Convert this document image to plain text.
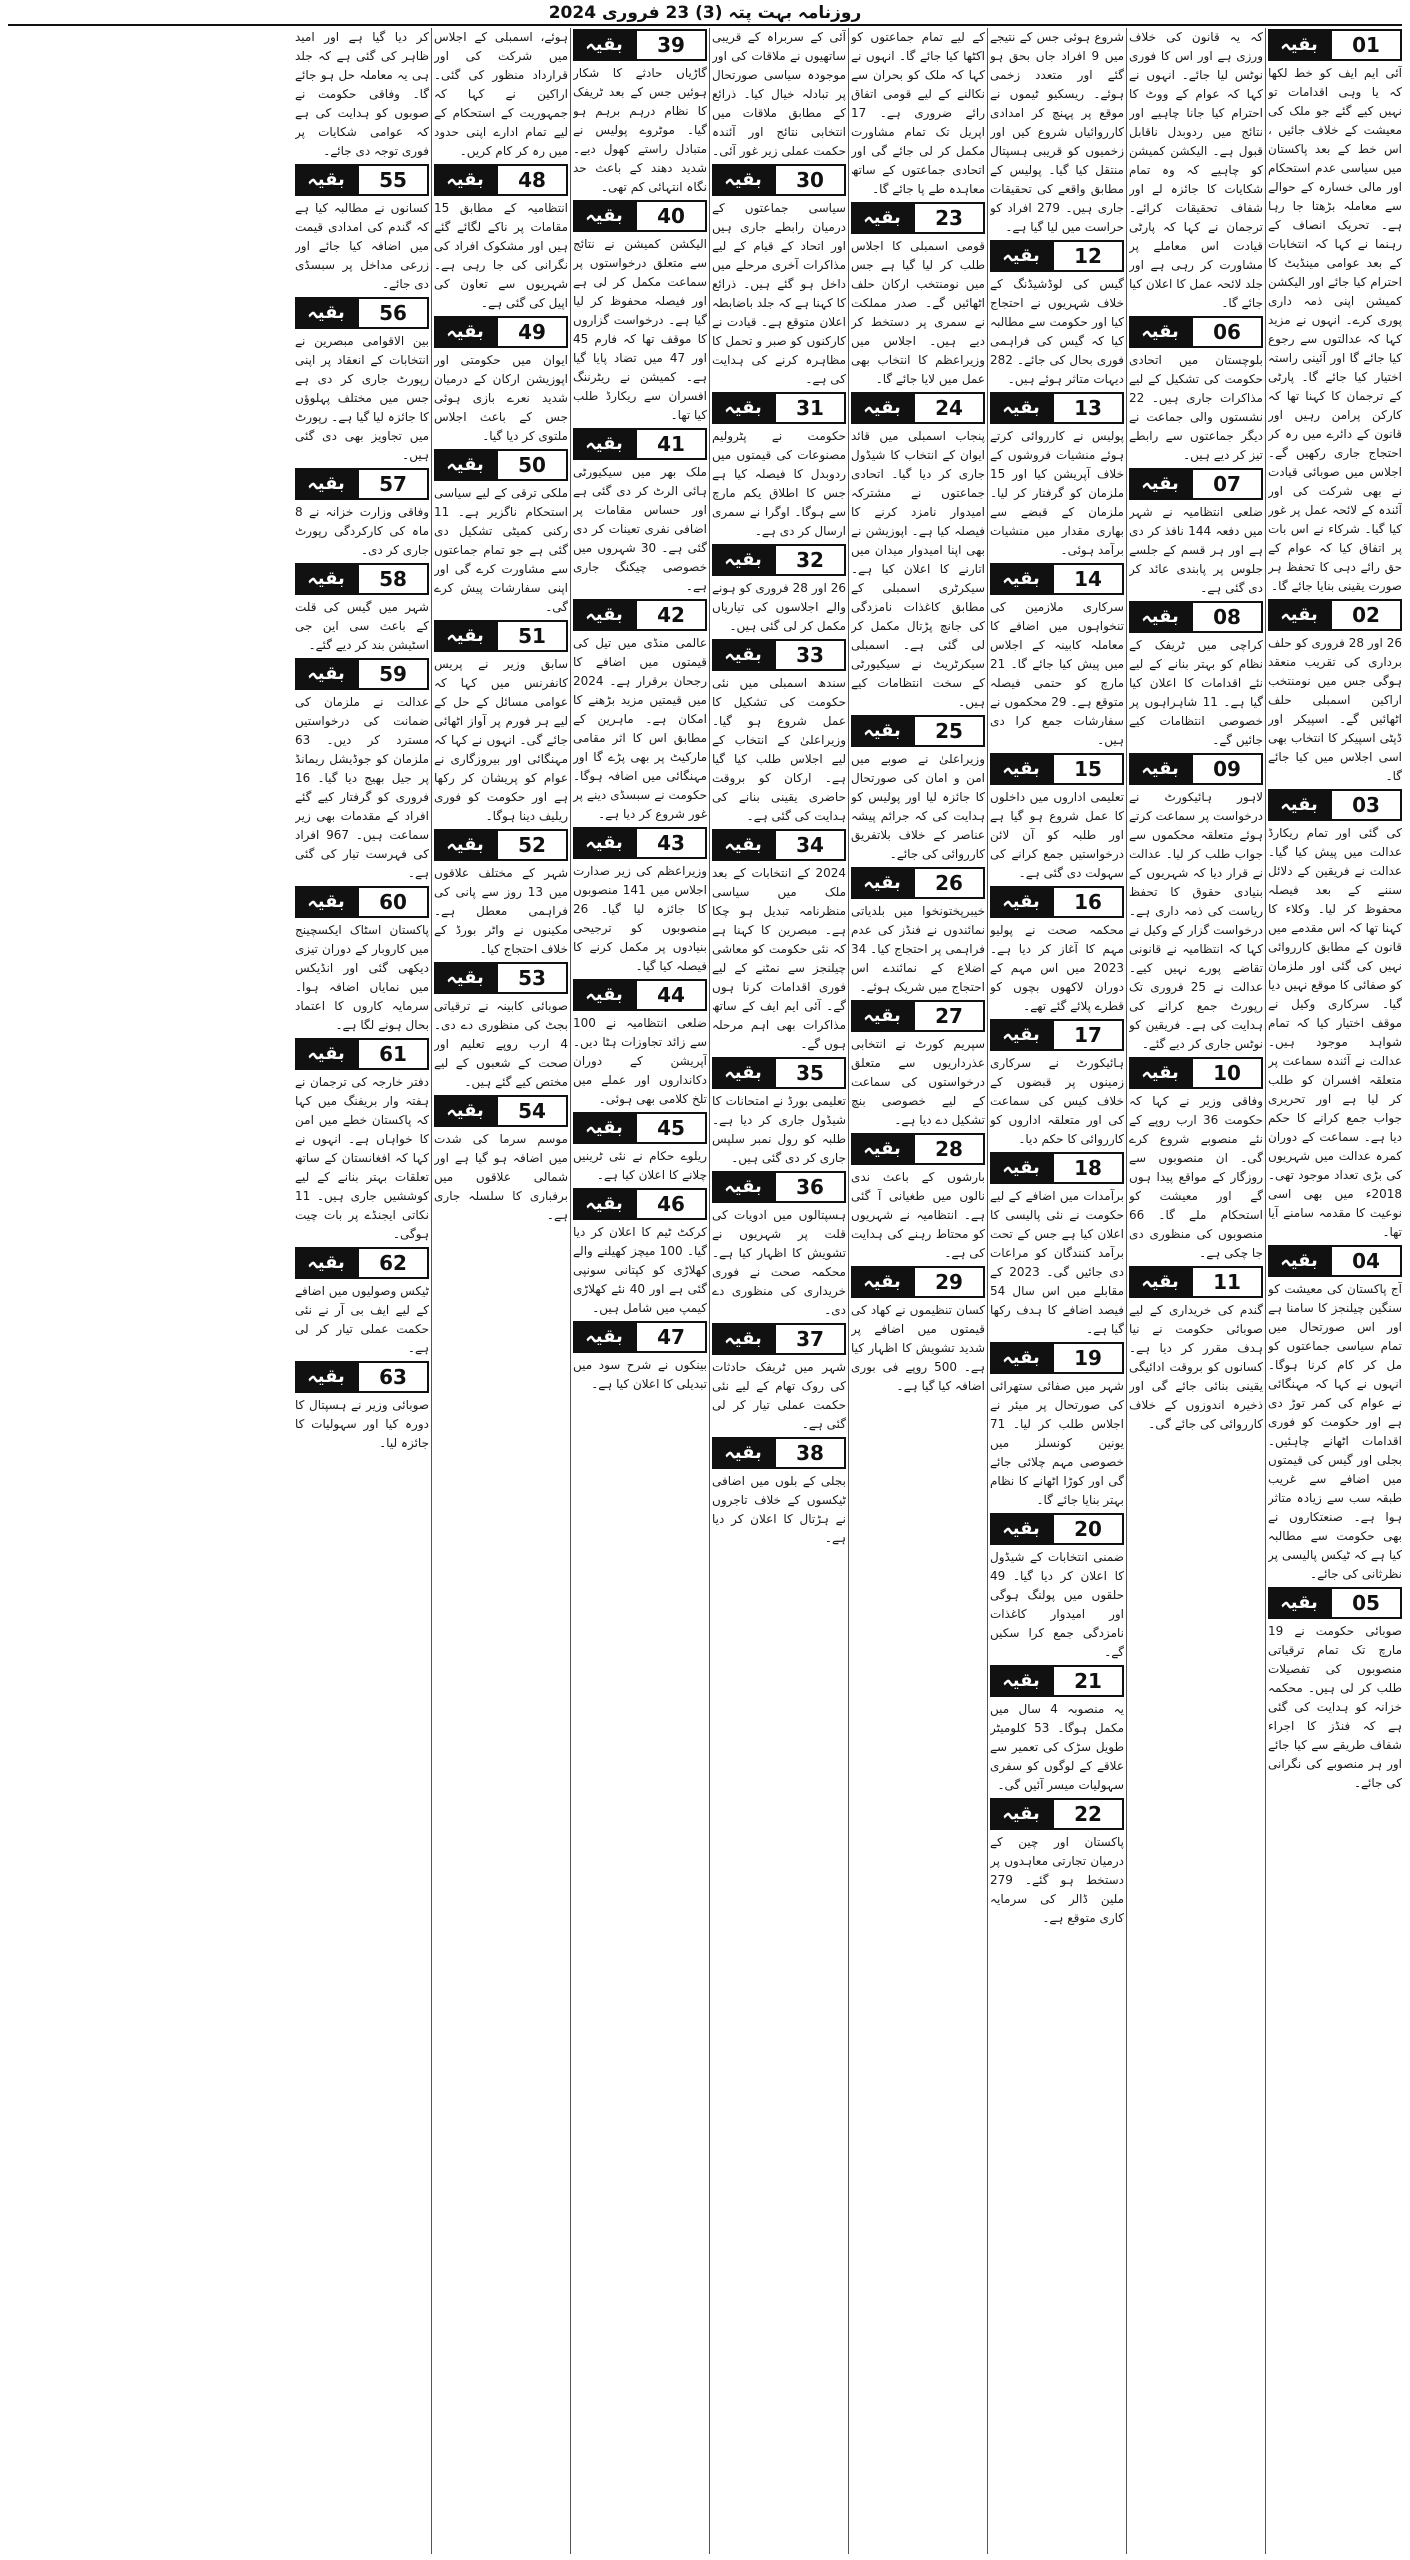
روزنامہ بہت پتہ (3) 23 فروری 2024
01
بقیہ

آئی ایم ایف کو خط لکھا کہ یا وہی اقدامات تو نہیں کیے گئے جو ملک کی معیشت کے خلاف جائیں ، اس خط کے بعد پاکستان میں سیاسی عدم استحکام اور مالی خسارہ کے حوالے سے معاملہ بڑھتا جا رہا ہے۔ تحریک انصاف کے رہنما نے کہا کہ انتخابات کے بعد عوامی مینڈیٹ کا احترام کیا جائے اور الیکشن کمیشن اپنی ذمہ داری پوری کرے۔ انہوں نے مزید کہا کہ عدالتوں سے رجوع کیا جائے گا اور آئینی راستہ اختیار کیا جائے گا۔ پارٹی کے ترجمان کا کہنا تھا کہ کارکن پرامن رہیں اور قانون کے دائرے میں رہ کر احتجاج جاری رکھیں گے۔ اجلاس میں صوبائی قیادت نے بھی شرکت کی اور آئندہ کے لائحہ عمل پر غور کیا گیا۔ شرکاء نے اس بات پر اتفاق کیا کہ عوام کے حق رائے دہی کا تحفظ ہر صورت یقینی بنایا جائے گا۔

02
بقیہ

26 اور 28 فروری کو حلف برداری کی تقریب منعقد ہوگی جس میں نومنتخب اراکین اسمبلی حلف اٹھائیں گے۔ اسپیکر اور ڈپٹی اسپیکر کا انتخاب بھی اسی اجلاس میں کیا جائے گا۔

03
بقیہ

کی گئی اور تمام ریکارڈ عدالت میں پیش کیا گیا۔ عدالت نے فریقین کے دلائل سننے کے بعد فیصلہ محفوظ کر لیا۔ وکلاء کا کہنا تھا کہ اس مقدمے میں قانون کے مطابق کارروائی نہیں کی گئی اور ملزمان کو صفائی کا موقع نہیں دیا گیا۔ سرکاری وکیل نے موقف اختیار کیا کہ تمام شواہد موجود ہیں۔ عدالت نے آئندہ سماعت پر متعلقہ افسران کو طلب کر لیا ہے اور تحریری جواب جمع کرانے کا حکم دیا ہے۔ سماعت کے دوران کمرہ عدالت میں شہریوں کی بڑی تعداد موجود تھی۔ 2018ء میں بھی اسی نوعیت کا مقدمہ سامنے آیا تھا۔

04
بقیہ

آج پاکستان کی معیشت کو سنگین چیلنجز کا سامنا ہے اور اس صورتحال میں تمام سیاسی جماعتوں کو مل کر کام کرنا ہوگا۔ انہوں نے کہا کہ مہنگائی نے عوام کی کمر توڑ دی ہے اور حکومت کو فوری اقدامات اٹھانے چاہئیں۔ بجلی اور گیس کی قیمتوں میں اضافے سے غریب طبقہ سب سے زیادہ متاثر ہوا ہے۔ صنعتکاروں نے بھی حکومت سے مطالبہ کیا ہے کہ ٹیکس پالیسی پر نظرثانی کی جائے۔

05
بقیہ

صوبائی حکومت نے 19 مارچ تک تمام ترقیاتی منصوبوں کی تفصیلات طلب کر لی ہیں۔ محکمہ خزانہ کو ہدایت کی گئی ہے کہ فنڈز کا اجراء شفاف طریقے سے کیا جائے اور ہر منصوبے کی نگرانی کی جائے۔

کہ یہ قانون کی خلاف ورزی ہے اور اس کا فوری نوٹس لیا جائے۔ انہوں نے کہا کہ عوام کے ووٹ کا احترام کیا جانا چاہیے اور نتائج میں ردوبدل ناقابل قبول ہے۔ الیکشن کمیشن کو چاہیے کہ وہ تمام شکایات کا جائزہ لے اور شفاف تحقیقات کرائے۔ ترجمان نے کہا کہ پارٹی قیادت اس معاملے پر مشاورت کر رہی ہے اور جلد لائحہ عمل کا اعلان کیا جائے گا۔

06
بقیہ

بلوچستان میں اتحادی حکومت کی تشکیل کے لیے مذاکرات جاری ہیں۔ 22 نشستوں والی جماعت نے دیگر جماعتوں سے رابطے تیز کر دیے ہیں۔

07
بقیہ

ضلعی انتظامیہ نے شہر میں دفعہ 144 نافذ کر دی ہے اور ہر قسم کے جلسے جلوس پر پابندی عائد کر دی گئی ہے۔

08
بقیہ

کراچی میں ٹریفک کے نظام کو بہتر بنانے کے لیے نئے اقدامات کا اعلان کیا گیا ہے۔ 11 شاہراہوں پر خصوصی انتظامات کیے جائیں گے۔

09
بقیہ

لاہور ہائیکورٹ نے درخواست پر سماعت کرتے ہوئے متعلقہ محکموں سے جواب طلب کر لیا۔ عدالت نے قرار دیا کہ شہریوں کے بنیادی حقوق کا تحفظ ریاست کی ذمہ داری ہے۔ درخواست گزار کے وکیل نے کہا کہ انتظامیہ نے قانونی تقاضے پورے نہیں کیے۔ عدالت نے 25 فروری تک رپورٹ جمع کرانے کی ہدایت کی ہے۔ فریقین کو نوٹس جاری کر دیے گئے۔

10
بقیہ

وفاقی وزیر نے کہا کہ حکومت 36 ارب روپے کے نئے منصوبے شروع کرے گی۔ ان منصوبوں سے روزگار کے مواقع پیدا ہوں گے اور معیشت کو استحکام ملے گا۔ 66 منصوبوں کی منظوری دی جا چکی ہے۔

11
بقیہ

گندم کی خریداری کے لیے صوبائی حکومت نے نیا ہدف مقرر کر دیا ہے۔ کسانوں کو بروقت ادائیگی یقینی بنائی جائے گی اور ذخیرہ اندوزوں کے خلاف کارروائی کی جائے گی۔

شروع ہوئی جس کے نتیجے میں 9 افراد جاں بحق ہو گئے اور متعدد زخمی ہوئے۔ ریسکیو ٹیموں نے موقع پر پہنچ کر امدادی کارروائیاں شروع کیں اور زخمیوں کو قریبی ہسپتال منتقل کیا گیا۔ پولیس کے مطابق واقعے کی تحقیقات جاری ہیں۔ 279 افراد کو حراست میں لیا گیا ہے۔

12
بقیہ

گیس کی لوڈشیڈنگ کے خلاف شہریوں نے احتجاج کیا اور حکومت سے مطالبہ کیا کہ گیس کی فراہمی فوری بحال کی جائے۔ 282 دیہات متاثر ہوئے ہیں۔

13
بقیہ

پولیس نے کارروائی کرتے ہوئے منشیات فروشوں کے خلاف آپریشن کیا اور 15 ملزمان کو گرفتار کر لیا۔ ملزمان کے قبضے سے بھاری مقدار میں منشیات برآمد ہوئی۔

14
بقیہ

سرکاری ملازمین کی تنخواہوں میں اضافے کا معاملہ کابینہ کے اجلاس میں پیش کیا جائے گا۔ 21 مارچ کو حتمی فیصلہ متوقع ہے۔ 29 محکموں نے سفارشات جمع کرا دی ہیں۔

15
بقیہ

تعلیمی اداروں میں داخلوں کا عمل شروع ہو گیا ہے اور طلبہ کو آن لائن درخواستیں جمع کرانے کی سہولت دی گئی ہے۔

16
بقیہ

محکمہ صحت نے پولیو مہم کا آغاز کر دیا ہے۔ 2023 میں اس مہم کے دوران لاکھوں بچوں کو قطرے پلائے گئے تھے۔

17
بقیہ

ہائیکورٹ نے سرکاری زمینوں پر قبضوں کے خلاف کیس کی سماعت کی اور متعلقہ اداروں کو کارروائی کا حکم دیا۔

18
بقیہ

برآمدات میں اضافے کے لیے حکومت نے نئی پالیسی کا اعلان کیا ہے جس کے تحت برآمد کنندگان کو مراعات دی جائیں گی۔ 2023 کے مقابلے میں اس سال 54 فیصد اضافے کا ہدف رکھا گیا ہے۔

19
بقیہ

شہر میں صفائی ستھرائی کی صورتحال پر میئر نے اجلاس طلب کر لیا۔ 71 یونین کونسلز میں خصوصی مہم چلائی جائے گی اور کوڑا اٹھانے کا نظام بہتر بنایا جائے گا۔

20
بقیہ

ضمنی انتخابات کے شیڈول کا اعلان کر دیا گیا۔ 49 حلقوں میں پولنگ ہوگی اور امیدوار کاغذات نامزدگی جمع کرا سکیں گے۔

21
بقیہ

یہ منصوبہ 4 سال میں مکمل ہوگا۔ 53 کلومیٹر طویل سڑک کی تعمیر سے علاقے کے لوگوں کو سفری سہولیات میسر آئیں گی۔

22
بقیہ

پاکستان اور چین کے درمیان تجارتی معاہدوں پر دستخط ہو گئے۔ 279 ملین ڈالر کی سرمایہ کاری متوقع ہے۔

کے لیے تمام جماعتوں کو اکٹھا کیا جائے گا۔ انہوں نے کہا کہ ملک کو بحران سے نکالنے کے لیے قومی اتفاق رائے ضروری ہے۔ 17 اپریل تک تمام مشاورت مکمل کر لی جائے گی اور اتحادی جماعتوں کے ساتھ معاہدہ طے پا جائے گا۔

23
بقیہ

قومی اسمبلی کا اجلاس طلب کر لیا گیا ہے جس میں نومنتخب ارکان حلف اٹھائیں گے۔ صدر مملکت نے سمری پر دستخط کر دیے ہیں۔ اجلاس میں وزیراعظم کا انتخاب بھی عمل میں لایا جائے گا۔

24
بقیہ

پنجاب اسمبلی میں قائد ایوان کے انتخاب کا شیڈول جاری کر دیا گیا۔ اتحادی جماعتوں نے مشترکہ امیدوار نامزد کرنے کا فیصلہ کیا ہے۔ اپوزیشن نے بھی اپنا امیدوار میدان میں اتارنے کا اعلان کیا ہے۔ سیکرٹری اسمبلی کے مطابق کاغذات نامزدگی کی جانچ پڑتال مکمل کر لی گئی ہے۔ اسمبلی سیکرٹریٹ نے سیکیورٹی کے سخت انتظامات کیے ہیں۔

25
بقیہ

وزیراعلیٰ نے صوبے میں امن و امان کی صورتحال کا جائزہ لیا اور پولیس کو ہدایت کی کہ جرائم پیشہ عناصر کے خلاف بلاتفریق کارروائی کی جائے۔

26
بقیہ

خیبرپختونخوا میں بلدیاتی نمائندوں نے فنڈز کی عدم فراہمی پر احتجاج کیا۔ 34 اضلاع کے نمائندے اس احتجاج میں شریک ہوئے۔

27
بقیہ

سپریم کورٹ نے انتخابی عذرداریوں سے متعلق درخواستوں کی سماعت کے لیے خصوصی بنچ تشکیل دے دیا ہے۔

28
بقیہ

بارشوں کے باعث ندی نالوں میں طغیانی آ گئی ہے۔ انتظامیہ نے شہریوں کو محتاط رہنے کی ہدایت کی ہے۔

29
بقیہ

کسان تنظیموں نے کھاد کی قیمتوں میں اضافے پر شدید تشویش کا اظہار کیا ہے۔ 500 روپے فی بوری اضافہ کیا گیا ہے۔

آئی کے سربراہ کے قریبی ساتھیوں نے ملاقات کی اور موجودہ سیاسی صورتحال پر تبادلہ خیال کیا۔ ذرائع کے مطابق ملاقات میں انتخابی نتائج اور آئندہ حکمت عملی زیر غور آئی۔

30
بقیہ

سیاسی جماعتوں کے درمیان رابطے جاری ہیں اور اتحاد کے قیام کے لیے مذاکرات آخری مرحلے میں داخل ہو گئے ہیں۔ ذرائع کا کہنا ہے کہ جلد باضابطہ اعلان متوقع ہے۔ قیادت نے کارکنوں کو صبر و تحمل کا مظاہرہ کرنے کی ہدایت کی ہے۔

31
بقیہ

حکومت نے پٹرولیم مصنوعات کی قیمتوں میں ردوبدل کا فیصلہ کیا ہے جس کا اطلاق یکم مارچ سے ہوگا۔ اوگرا نے سمری ارسال کر دی ہے۔

32
بقیہ

26 اور 28 فروری کو ہونے والے اجلاسوں کی تیاریاں مکمل کر لی گئی ہیں۔

33
بقیہ

سندھ اسمبلی میں نئی حکومت کی تشکیل کا عمل شروع ہو گیا۔ وزیراعلیٰ کے انتخاب کے لیے اجلاس طلب کیا گیا ہے۔ ارکان کو بروقت حاضری یقینی بنانے کی ہدایت کی گئی ہے۔

34
بقیہ

2024 کے انتخابات کے بعد ملک میں سیاسی منظرنامہ تبدیل ہو چکا ہے۔ مبصرین کا کہنا ہے کہ نئی حکومت کو معاشی چیلنجز سے نمٹنے کے لیے فوری اقدامات کرنا ہوں گے۔ آئی ایم ایف کے ساتھ مذاکرات بھی اہم مرحلہ ہوں گے۔

35
بقیہ

تعلیمی بورڈ نے امتحانات کا شیڈول جاری کر دیا ہے۔ طلبہ کو رول نمبر سلپس جاری کر دی گئی ہیں۔

36
بقیہ

ہسپتالوں میں ادویات کی قلت پر شہریوں نے تشویش کا اظہار کیا ہے۔ محکمہ صحت نے فوری خریداری کی منظوری دے دی۔

37
بقیہ

شہر میں ٹریفک حادثات کی روک تھام کے لیے نئی حکمت عملی تیار کر لی گئی ہے۔

38
بقیہ

بجلی کے بلوں میں اضافی ٹیکسوں کے خلاف تاجروں نے ہڑتال کا اعلان کر دیا ہے۔

39
بقیہ

گاڑیاں حادثے کا شکار ہوئیں جس کے بعد ٹریفک کا نظام درہم برہم ہو گیا۔ موٹروے پولیس نے متبادل راستے کھول دیے۔ شدید دھند کے باعث حد نگاہ انتہائی کم تھی۔

40
بقیہ

الیکشن کمیشن نے نتائج سے متعلق درخواستوں پر سماعت مکمل کر لی ہے اور فیصلہ محفوظ کر لیا گیا ہے۔ درخواست گزاروں کا موقف تھا کہ فارم 45 اور 47 میں تضاد پایا گیا ہے۔ کمیشن نے ریٹرننگ افسران سے ریکارڈ طلب کیا تھا۔

41
بقیہ

ملک بھر میں سیکیورٹی ہائی الرٹ کر دی گئی ہے اور حساس مقامات پر اضافی نفری تعینات کر دی گئی ہے۔ 30 شہروں میں خصوصی چیکنگ جاری ہے۔

42
بقیہ

عالمی منڈی میں تیل کی قیمتوں میں اضافے کا رجحان برقرار ہے۔ 2024 میں قیمتیں مزید بڑھنے کا امکان ہے۔ ماہرین کے مطابق اس کا اثر مقامی مارکیٹ پر بھی پڑے گا اور مہنگائی میں اضافہ ہوگا۔ حکومت نے سبسڈی دینے پر غور شروع کر دیا ہے۔

43
بقیہ

وزیراعظم کی زیر صدارت اجلاس میں 141 منصوبوں کا جائزہ لیا گیا۔ 26 منصوبوں کو ترجیحی بنیادوں پر مکمل کرنے کا فیصلہ کیا گیا۔

44
بقیہ

ضلعی انتظامیہ نے 100 سے زائد تجاوزات ہٹا دیں۔ آپریشن کے دوران دکانداروں اور عملے میں تلخ کلامی بھی ہوئی۔

45
بقیہ

ریلوے حکام نے نئی ٹرینیں چلانے کا اعلان کیا ہے۔

46
بقیہ

کرکٹ ٹیم کا اعلان کر دیا گیا۔ 100 میچز کھیلنے والے کھلاڑی کو کپتانی سونپی گئی ہے اور 40 نئے کھلاڑی کیمپ میں شامل ہیں۔

47
بقیہ

بینکوں نے شرح سود میں تبدیلی کا اعلان کیا ہے۔

ہوئے، اسمبلی کے اجلاس میں شرکت کی اور قرارداد منظور کی گئی۔ اراکین نے کہا کہ جمہوریت کے استحکام کے لیے تمام ادارے اپنی حدود میں رہ کر کام کریں۔

48
بقیہ

انتظامیہ کے مطابق 15 مقامات پر ناکے لگائے گئے ہیں اور مشکوک افراد کی نگرانی کی جا رہی ہے۔ شہریوں سے تعاون کی اپیل کی گئی ہے۔

49
بقیہ

ایوان میں حکومتی اور اپوزیشن ارکان کے درمیان شدید نعرے بازی ہوئی جس کے باعث اجلاس ملتوی کر دیا گیا۔

50
بقیہ

ملکی ترقی کے لیے سیاسی استحکام ناگزیر ہے۔ 11 رکنی کمیٹی تشکیل دی گئی ہے جو تمام جماعتوں سے مشاورت کرے گی اور اپنی سفارشات پیش کرے گی۔

51
بقیہ

سابق وزیر نے پریس کانفرنس میں کہا کہ عوامی مسائل کے حل کے لیے ہر فورم پر آواز اٹھائی جائے گی۔ انہوں نے کہا کہ مہنگائی اور بیروزگاری نے عوام کو پریشان کر رکھا ہے اور حکومت کو فوری ریلیف دینا ہوگا۔

52
بقیہ

شہر کے مختلف علاقوں میں 13 روز سے پانی کی فراہمی معطل ہے۔ مکینوں نے واٹر بورڈ کے خلاف احتجاج کیا۔

53
بقیہ

صوبائی کابینہ نے ترقیاتی بجٹ کی منظوری دے دی۔ 4 ارب روپے تعلیم اور صحت کے شعبوں کے لیے مختص کیے گئے ہیں۔

54
بقیہ

موسم سرما کی شدت میں اضافہ ہو گیا ہے اور شمالی علاقوں میں برفباری کا سلسلہ جاری ہے۔

کر دیا گیا ہے اور امید ظاہر کی گئی ہے کہ جلد ہی یہ معاملہ حل ہو جائے گا۔ وفاقی حکومت نے صوبوں کو ہدایت کی ہے کہ عوامی شکایات پر فوری توجہ دی جائے۔

55
بقیہ

کسانوں نے مطالبہ کیا ہے کہ گندم کی امدادی قیمت میں اضافہ کیا جائے اور زرعی مداخل پر سبسڈی دی جائے۔

56
بقیہ

بین الاقوامی مبصرین نے انتخابات کے انعقاد پر اپنی رپورٹ جاری کر دی ہے جس میں مختلف پہلوؤں کا جائزہ لیا گیا ہے۔ رپورٹ میں تجاویز بھی دی گئی ہیں۔

57
بقیہ

وفاقی وزارت خزانہ نے 8 ماہ کی کارکردگی رپورٹ جاری کر دی۔

58
بقیہ

شہر میں گیس کی قلت کے باعث سی این جی اسٹیشن بند کر دیے گئے۔

59
بقیہ

عدالت نے ملزمان کی ضمانت کی درخواستیں مسترد کر دیں۔ 63 ملزمان کو جوڈیشل ریمانڈ پر جیل بھیج دیا گیا۔ 16 فروری کو گرفتار کیے گئے افراد کے مقدمات بھی زیر سماعت ہیں۔ 967 افراد کی فہرست تیار کی گئی ہے۔

60
بقیہ

پاکستان اسٹاک ایکسچینج میں کاروبار کے دوران تیزی دیکھی گئی اور انڈیکس میں نمایاں اضافہ ہوا۔ سرمایہ کاروں کا اعتماد بحال ہونے لگا ہے۔

61
بقیہ

دفتر خارجہ کی ترجمان نے ہفتہ وار بریفنگ میں کہا کہ پاکستان خطے میں امن کا خواہاں ہے۔ انہوں نے کہا کہ افغانستان کے ساتھ تعلقات بہتر بنانے کے لیے کوششیں جاری ہیں۔ 11 نکاتی ایجنڈے پر بات چیت ہوگی۔

62
بقیہ

ٹیکس وصولیوں میں اضافے کے لیے ایف بی آر نے نئی حکمت عملی تیار کر لی ہے۔

63
بقیہ

صوبائی وزیر نے ہسپتال کا دورہ کیا اور سہولیات کا جائزہ لیا۔
